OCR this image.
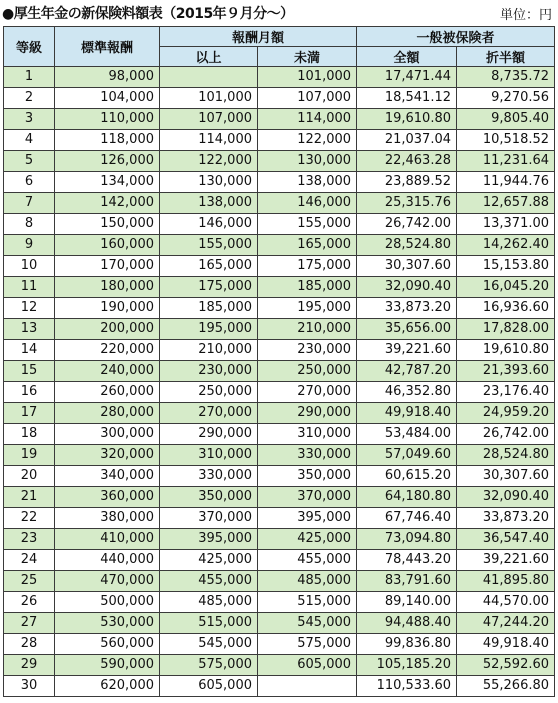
●厚生年金の新保険料額表（2015年９月分〜）	単位：円
等級	標準報酬	報酬月額		一般被保険者	
		以上	未満	全額	折半額
1	98,000		101,000	17,471.44	8,735.72
2	104,000	101,000	107,000	18,541.12	9,270.56
3	110,000	107,000	114,000	19,610.80	9,805.40
4	118,000	114,000	122,000	21,037.04	10,518.52
5	126,000	122,000	130,000	22,463.28	11,231.64
6	134,000	130,000	138,000	23,889.52	11,944.76
7	142,000	138,000	146,000	25,315.76	12,657.88
8	150,000	146,000	155,000	26,742.00	13,371.00
9	160,000	155,000	165,000	28,524.80	14,262.40
10	170,000	165,000	175,000	30,307.60	15,153.80
11	180,000	175,000	185,000	32,090.40	16,045.20
12	190,000	185,000	195,000	33,873.20	16,936.60
13	200,000	195,000	210,000	35,656.00	17,828.00
14	220,000	210,000	230,000	39,221.60	19,610.80
15	240,000	230,000	250,000	42,787.20	21,393.60
16	260,000	250,000	270,000	46,352.80	23,176.40
17	280,000	270,000	290,000	49,918.40	24,959.20
18	300,000	290,000	310,000	53,484.00	26,742.00
19	320,000	310,000	330,000	57,049.60	28,524.80
20	340,000	330,000	350,000	60,615.20	30,307.60
21	360,000	350,000	370,000	64,180.80	32,090.40
22	380,000	370,000	395,000	67,746.40	33,873.20
23	410,000	395,000	425,000	73,094.80	36,547.40
24	440,000	425,000	455,000	78,443.20	39,221.60
25	470,000	455,000	485,000	83,791.60	41,895.80
26	500,000	485,000	515,000	89,140.00	44,570.00
27	530,000	515,000	545,000	94,488.40	47,244.20
28	560,000	545,000	575,000	99,836.80	49,918.40
29	590,000	575,000	605,000	105,185.20	52,592.60
30	620,000	605,000		110,533.60	55,266.80
